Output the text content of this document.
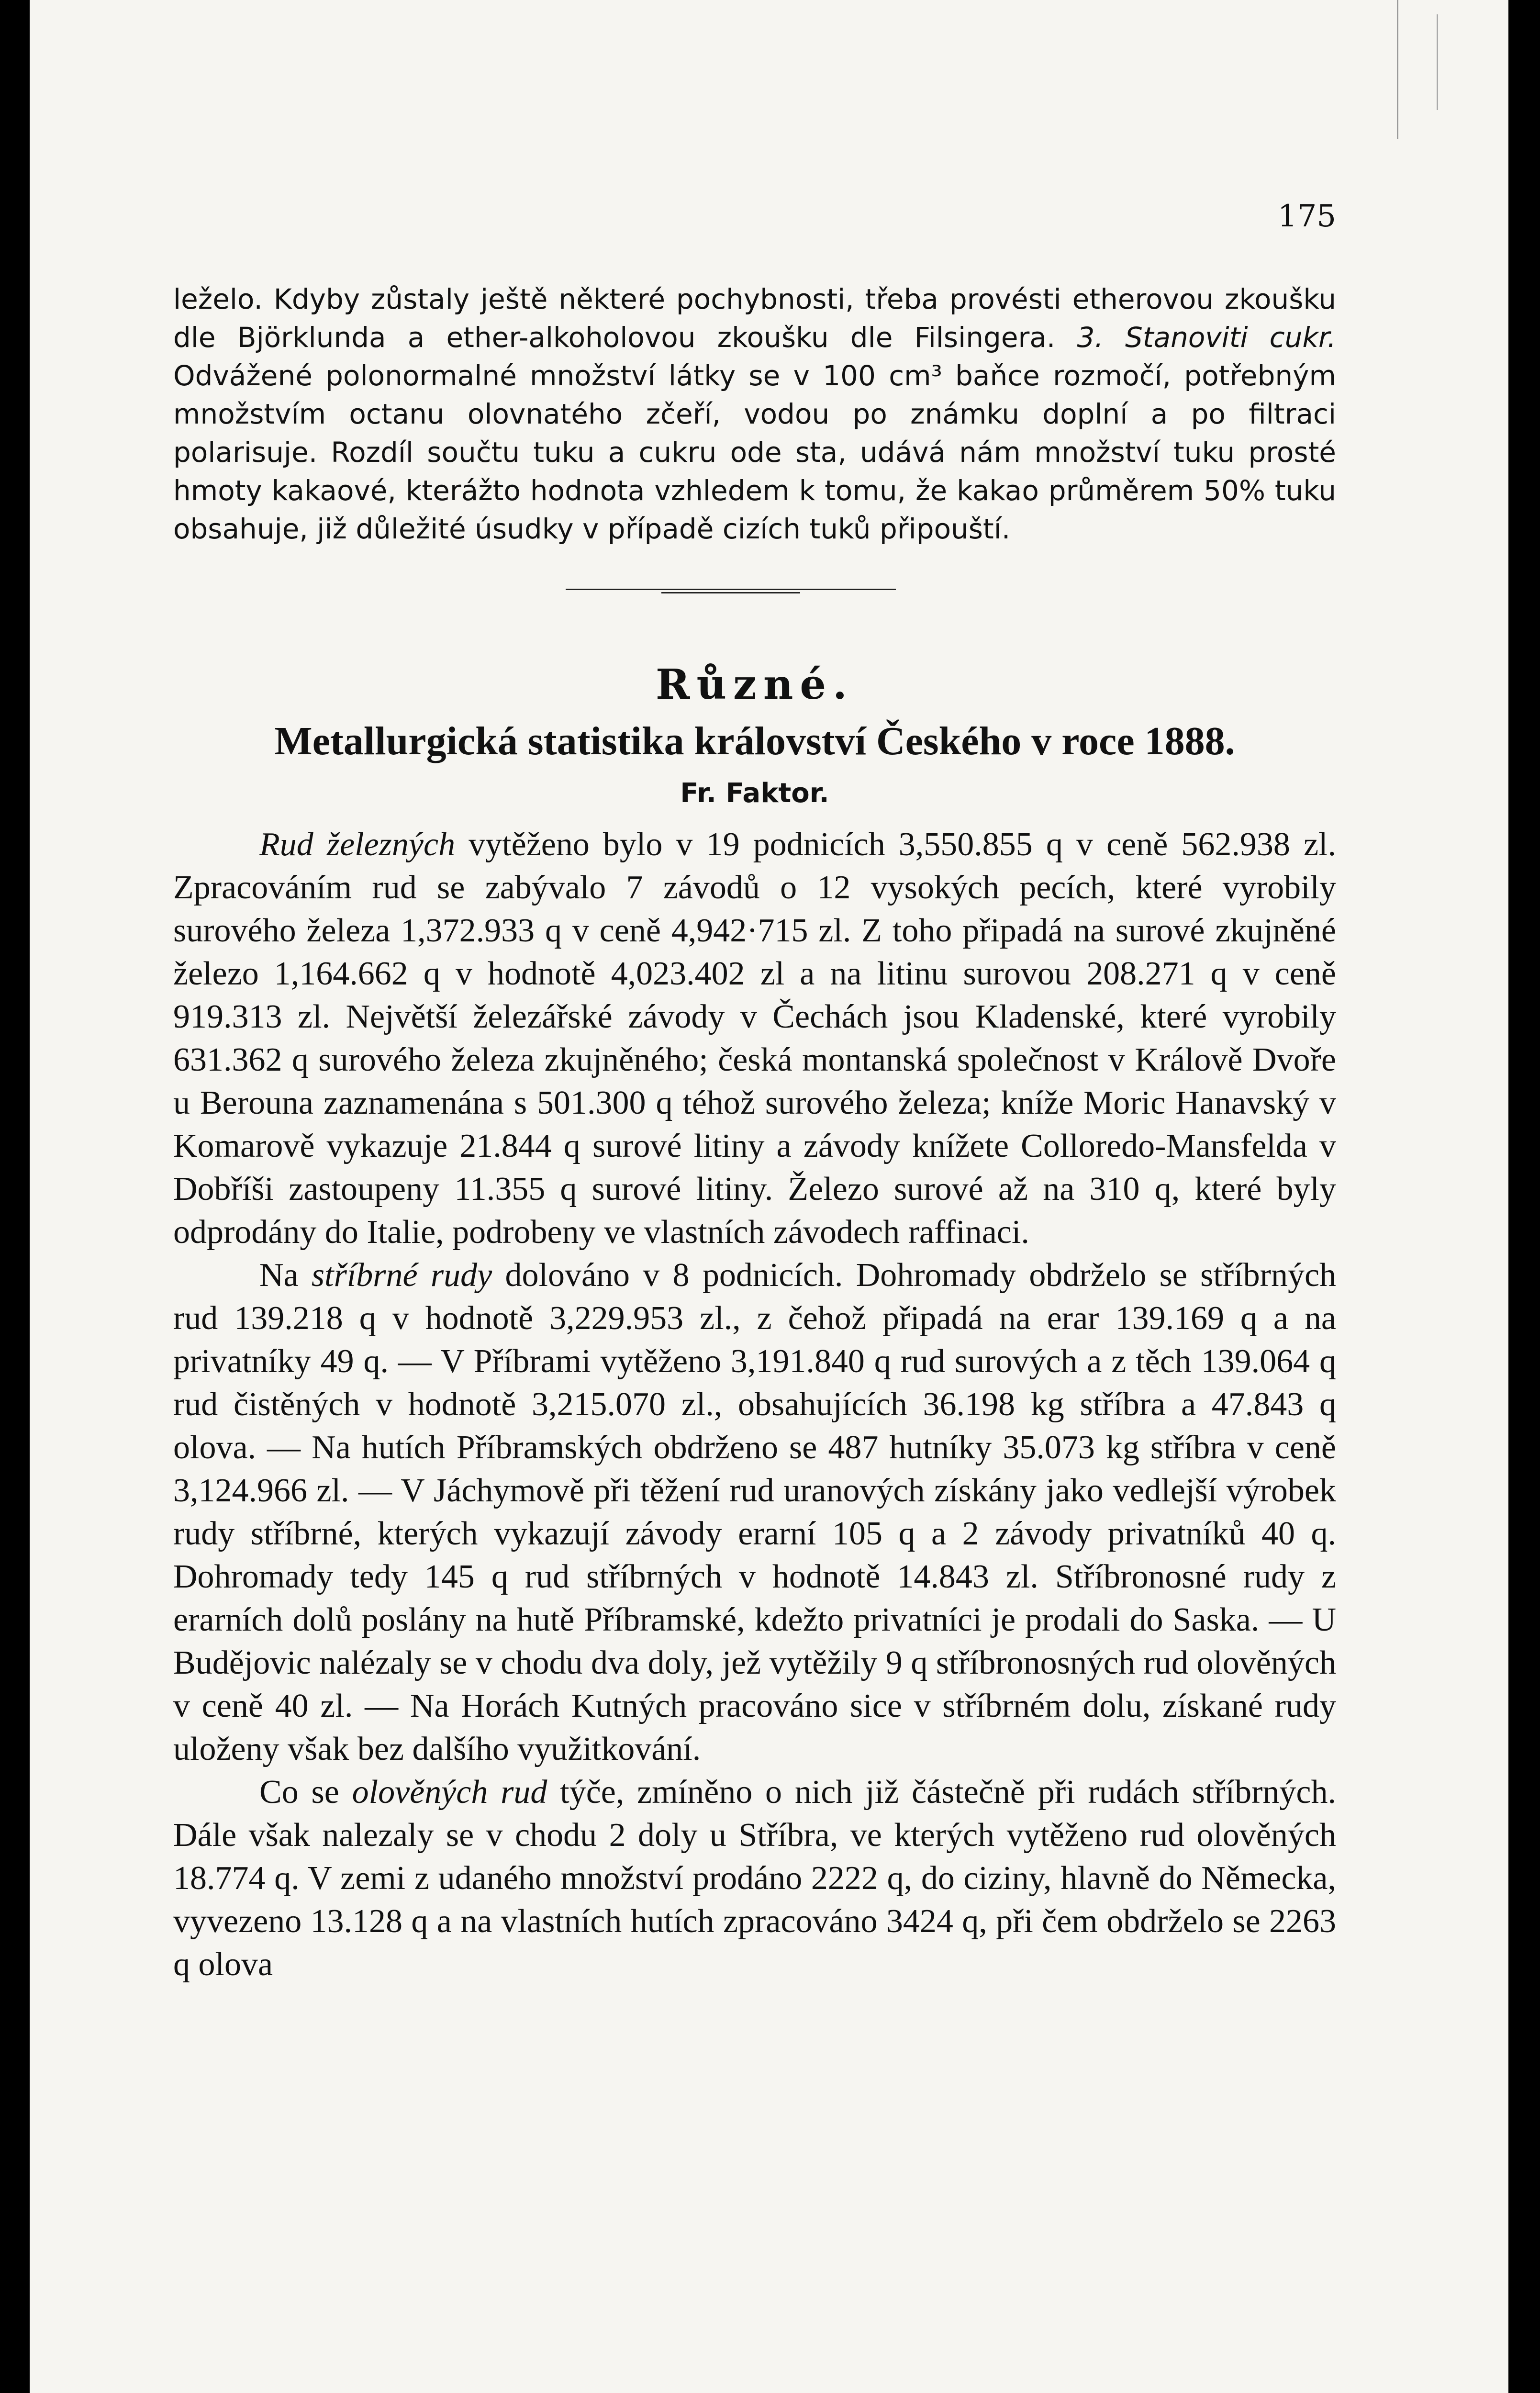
175

leželo. Kdyby zůstaly ještě některé pochybnosti, třeba provésti etherovou zkoušku dle Björklunda a ether-alkoholovou zkoušku dle Filsingera. 3. Stanoviti cukr. Odvážené polonormalné množství látky se v 100 cm³ baňce rozmočí, potřebným množstvím octanu olovnatého zčeří, vodou po známku doplní a po filtraci polarisuje. Rozdíl součtu tuku a cukru ode sta, udává nám množství tuku prosté hmoty kakaové, kterážto hodnota vzhledem k tomu, že kakao průměrem 50% tuku obsahuje, již důležité úsudky v případě cizích tuků připouští.

Různé.
Metallurgická statistika království Českého v roce 1888.
Fr. Faktor.

Rud železných vytěženo bylo v 19 podnicích 3,550.855 q v ceně 562.938 zl. Zpracováním rud se zabývalo 7 závodů o 12 vysokých pecích, které vyrobily surového železa 1,372.933 q v ceně 4,942·715 zl. Z toho připadá na surové zkujněné železo 1,164.662 q v hodnotě 4,023.402 zl a na litinu surovou 208.271 q v ceně 919.313 zl. Největší železářské závody v Čechách jsou Kladenské, které vyrobily 631.362 q surového železa zkujněného; česká montanská společnost v Králově Dvoře u Berouna zaznamenána s 501.300 q téhož surového železa; kníže Moric Hanavský v Komarově vykazuje 21.844 q surové litiny a závody knížete Colloredo-Mansfelda v Dobříši zastoupeny 11.355 q surové litiny. Železo surové až na 310 q, které byly odprodány do Italie, podrobeny ve vlastních závodech raffinaci.

Na stříbrné rudy dolováno v 8 podnicích. Dohromady obdrželo se stříbrných rud 139.218 q v hodnotě 3,229.953 zl., z čehož připadá na erar 139.169 q a na privatníky 49 q. — V Příbrami vytěženo 3,191.840 q rud surových a z těch 139.064 q rud čistěných v hodnotě 3,215.070 zl., obsahujících 36.198 kg stříbra a 47.843 q olova. — Na hutích Příbramských obdrženo se 487 hutníky 35.073 kg stříbra v ceně 3,124.966 zl. — V Jáchymově při těžení rud uranových získány jako vedlejší výrobek rudy stříbrné, kterých vykazují závody erarní 105 q a 2 závody privatníků 40 q. Dohromady tedy 145 q rud stříbrných v hodnotě 14.843 zl. Stříbronosné rudy z erarních dolů poslány na hutě Příbramské, kdežto privatníci je prodali do Saska. — U Budějovic nalézaly se v chodu dva doly, jež vytěžily 9 q stříbronosných rud olověných v ceně 40 zl. — Na Horách Kutných pracováno sice v stříbrném dolu, získané rudy uloženy však bez dalšího využitkování.

Co se olověných rud týče, zmíněno o nich již částečně při rudách stříbrných. Dále však nalezaly se v chodu 2 doly u Stříbra, ve kterých vytěženo rud olověných 18.774 q. V zemi z udaného množství prodáno 2222 q, do ciziny, hlavně do Německa, vyvezeno 13.128 q a na vlastních hutích zpracováno 3424 q, při čem obdrželo se 2263 q olova
